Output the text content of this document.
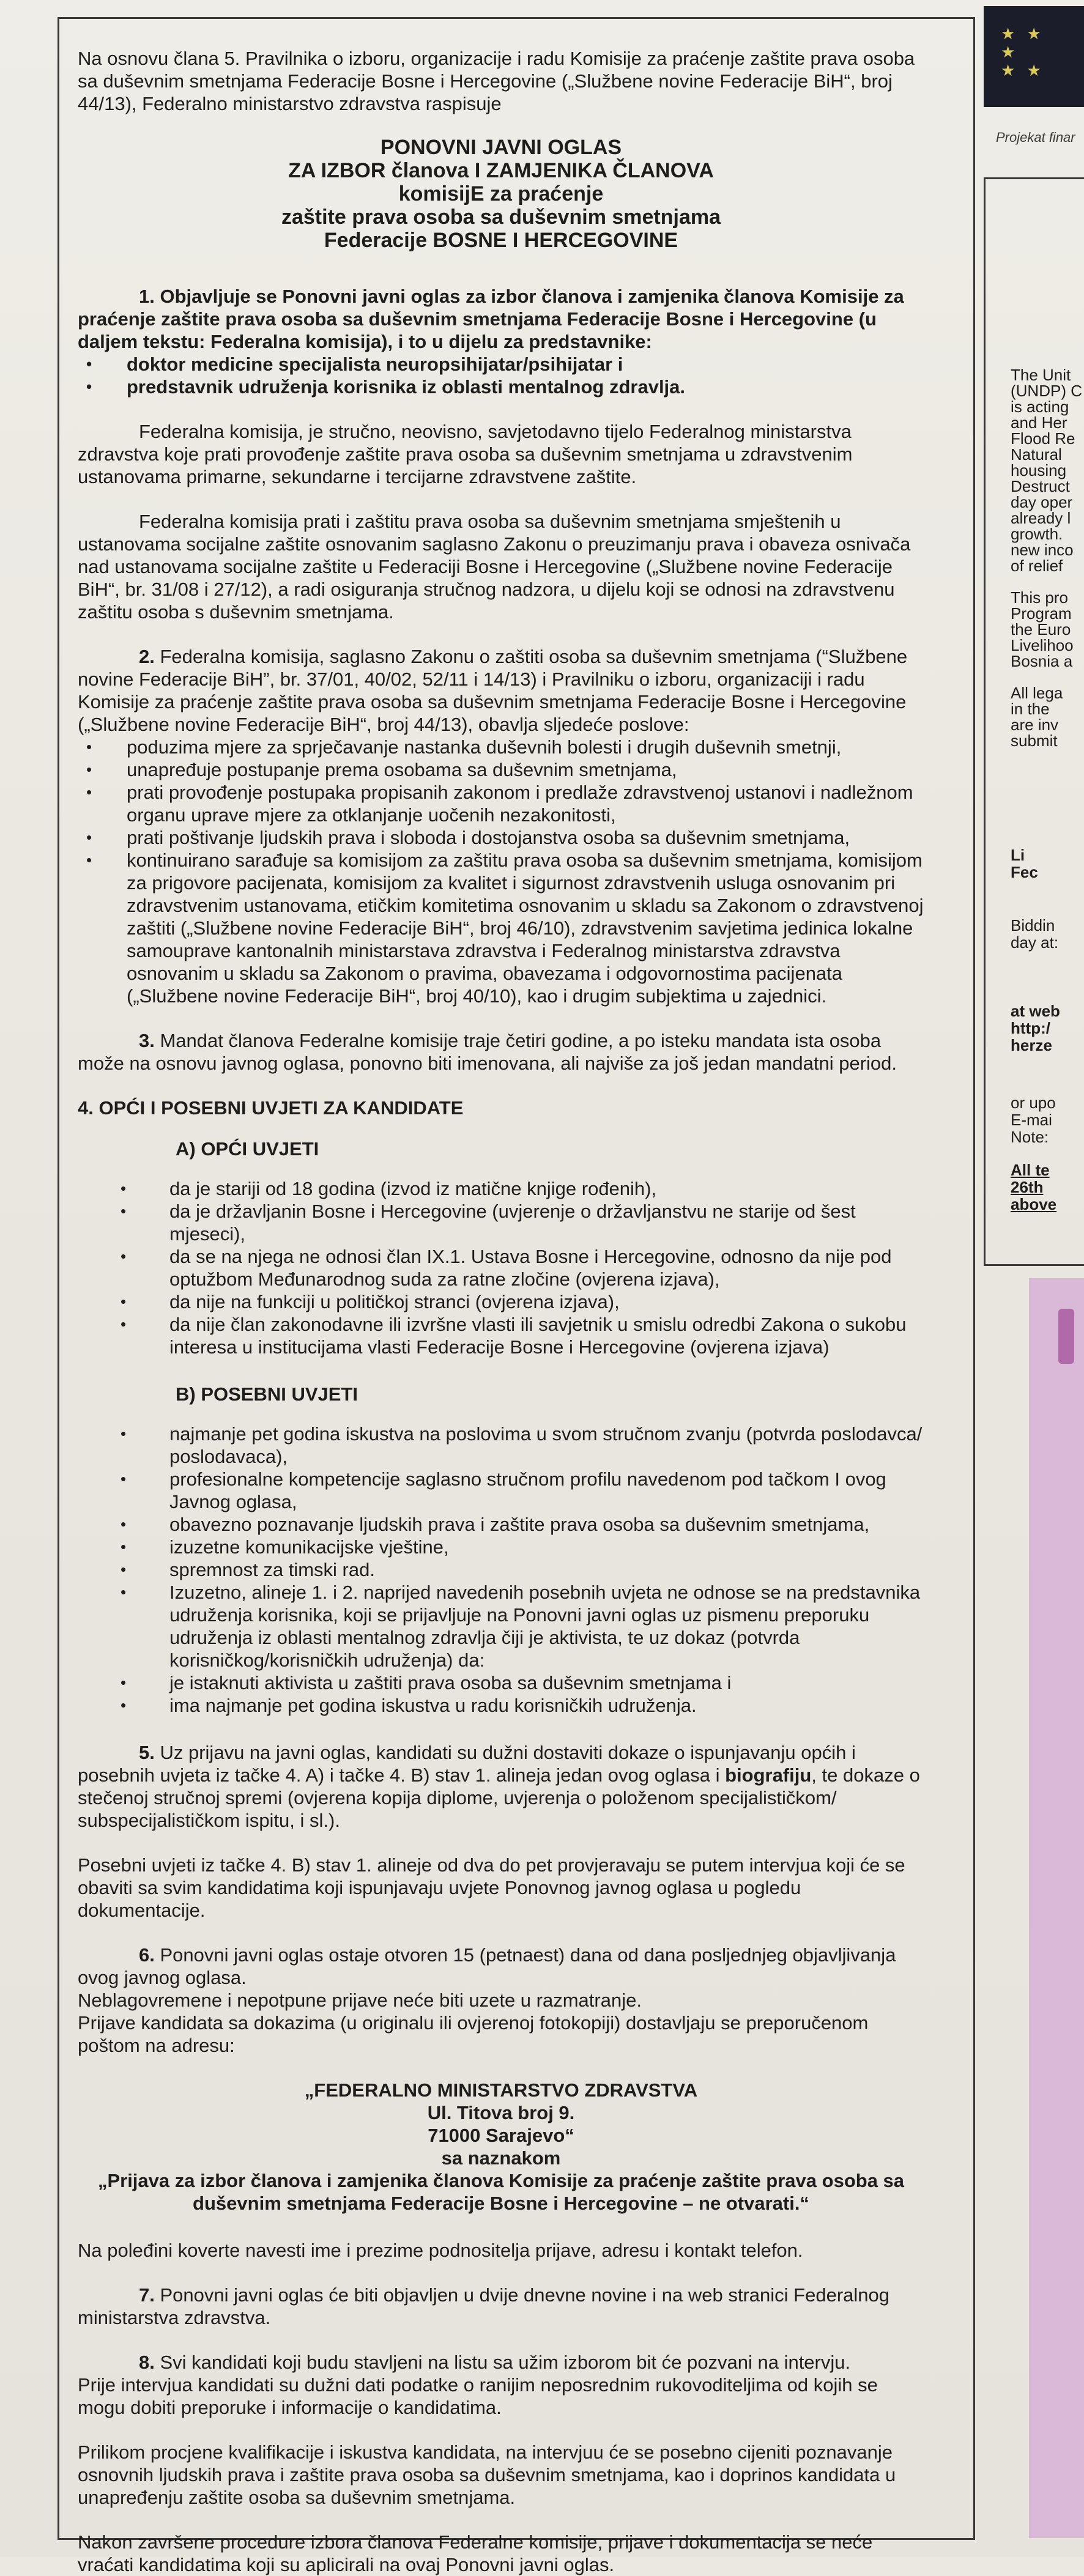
Na osnovu člana 5. Pravilnika o izboru, organizacije i radu Komisije za praćenje zaštite prava osoba sa duševnim smetnjama Federacije Bosne i Hercegovine („Službene novine Federacije BiH“, broj 44/13), Federalno ministarstvo zdravstva raspisuje

PONOVNI JAVNI OGLAS
ZA IZBOR članova I ZAMJENIKA ČLANOVA
komisijE za praćenje
zaštite prava osoba sa duševnim smetnjama
Federacije BOSNE I HERCEGOVINE

1. Objavljuje se Ponovni javni oglas za izbor članova i zamjenika članova Komisije za praćenje zaštite prava osoba sa duševnim smetnjama Federacije Bosne i Hercegovine (u daljem tekstu: Federalna komisija), i to u dijelu za predstavnike:

• doktor medicine specijalista neuropsihijatar/psihijatar i
• predstavnik udruženja korisnika iz oblasti mentalnog zdravlja.

Federalna komisija, je stručno, neovisno, savjetodavno tijelo Federalnog ministarstva zdravstva koje prati provođenje zaštite prava osoba sa duševnim smetnjama u zdravstvenim ustanovama primarne, sekundarne i tercijarne zdravstvene zaštite.

Federalna komisija prati i zaštitu prava osoba sa duševnim smetnjama smještenih u ustanovama socijalne zaštite osnovanim saglasno Zakonu o preuzimanju prava i obaveza osnivača nad ustanovama socijalne zaštite u Federaciji Bosne i Hercegovine („Službene novine Federacije BiH“, br. 31/08 i 27/12), a radi osiguranja stručnog nadzora, u dijelu koji se odnosi na zdravstvenu zaštitu osoba s duševnim smetnjama.

2. Federalna komisija, saglasno Zakonu o zaštiti osoba sa duševnim smetnjama (“Službene novine Federacije BiH”, br. 37/01, 40/02, 52/11 i 14/13) i Pravilniku o izboru, organizaciji i radu Komisije za praćenje zaštite prava osoba sa duševnim smetnjama Federacije Bosne i Hercegovine („Službene novine Federacije BiH“, broj 44/13), obavlja sljedeće poslove:

• poduzima mjere za sprječavanje nastanka duševnih bolesti i drugih duševnih smetnji,
• unapređuje postupanje prema osobama sa duševnim smetnjama,
• prati provođenje postupaka propisanih zakonom i predlaže zdravstvenoj ustanovi i nadležnom organu uprave mjere za otklanjanje uočenih nezakonitosti,
• prati poštivanje ljudskih prava i sloboda i dostojanstva osoba sa duševnim smetnjama,
• kontinuirano sarađuje sa komisijom za zaštitu prava osoba sa duševnim smetnjama, komisijom za prigovore pacijenata, komisijom za kvalitet i sigurnost zdravstvenih usluga osnovanim pri zdravstvenim ustanovama, etičkim komitetima osnovanim u skladu sa Zakonom o zdravstvenoj zaštiti („Službene novine Federacije BiH“, broj 46/10), zdravstvenim savjetima jedinica lokalne samouprave kantonalnih ministarstava zdravstva i Federalnog ministarstva zdravstva osnovanim u skladu sa Zakonom o pravima, obavezama i odgovornostima pacijenata („Službene novine Federacije BiH“, broj 40/10), kao i drugim subjektima u zajednici.

3. Mandat članova Federalne komisije traje četiri godine, a po isteku mandata ista osoba može na osnovu javnog oglasa, ponovno biti imenovana, ali najviše za još jedan mandatni period.

4. OPĆI I POSEBNI UVJETI ZA KANDIDATE

A) OPĆI UVJETI

• da je stariji od 18 godina (izvod iz matične knjige rođenih),
• da je državljanin Bosne i Hercegovine (uvjerenje o državljanstvu ne starije od šest mjeseci),
• da se na njega ne odnosi član IX.1. Ustava Bosne i Hercegovine, odnosno da nije pod optužbom Međunarodnog suda za ratne zločine (ovjerena izjava),
• da nije na funkciji u političkoj stranci (ovjerena izjava),
• da nije član zakonodavne ili izvršne vlasti ili savjetnik u smislu odredbi Zakona o sukobu interesa u institucijama vlasti Federacije Bosne i Hercegovine (ovjerena izjava)

B) POSEBNI UVJETI

• najmanje pet godina iskustva na poslovima u svom stručnom zvanju (potvrda poslodavca/ poslodavaca),
• profesionalne kompetencije saglasno stručnom profilu navedenom pod tačkom I ovog Javnog oglasa,
• obavezno poznavanje ljudskih prava i zaštite prava osoba sa duševnim smetnjama,
• izuzetne komunikacijske vještine,
• spremnost za timski rad.
• Izuzetno, alineje 1. i 2. naprijed navedenih posebnih uvjeta ne odnose se na predstavnika udruženja korisnika, koji se prijavljuje na Ponovni javni oglas uz pismenu preporuku udruženja iz oblasti mentalnog zdravlja čiji je aktivista, te uz dokaz (potvrda korisničkog/korisničkih udruženja) da:
• je istaknuti aktivista u zaštiti prava osoba sa duševnim smetnjama i
• ima najmanje pet godina iskustva u radu korisničkih udruženja.

5. Uz prijavu na javni oglas, kandidati su dužni dostaviti dokaze o ispunjavanju općih i posebnih uvjeta iz tačke 4. A) i tačke 4. B) stav 1. alineja jedan ovog oglasa i biografiju, te dokaze o stečenoj stručnoj spremi (ovjerena kopija diplome, uvjerenja o položenom specijalističkom/ subspecijalističkom ispitu, i sl.).

Posebni uvjeti iz tačke 4. B) stav 1. alineje od dva do pet provjeravaju se putem intervjua koji će se obaviti sa svim kandidatima koji ispunjavaju uvjete Ponovnog javnog oglasa u pogledu dokumentacije.

6. Ponovni javni oglas ostaje otvoren 15 (petnaest) dana od dana posljednjeg objavljivanja ovog javnog oglasa.

Neblagovremene i nepotpune prijave neće biti uzete u razmatranje.

Prijave kandidata sa dokazima (u originalu ili ovjerenoj fotokopiji) dostavljaju se preporučenom poštom na adresu:

„FEDERALNO MINISTARSTVO ZDRAVSTVA
Ul. Titova broj 9.
71000 Sarajevo“
sa naznakom
„Prijava za izbor članova i zamjenika članova Komisije za praćenje zaštite prava osoba sa duševnim smetnjama Federacije Bosne i Hercegovine – ne otvarati.“

Na poleđini koverte navesti ime i prezime podnositelja prijave, adresu i kontakt telefon.

7. Ponovni javni oglas će biti objavljen u dvije dnevne novine i na web stranici Federalnog ministarstva zdravstva.

8. Svi kandidati koji budu stavljeni na listu sa užim izborom bit će pozvani na intervju.

Prije intervjua kandidati su dužni dati podatke o ranijim neposrednim rukovoditeljima od kojih se mogu dobiti preporuke i informacije o kandidatima.

Prilikom procjene kvalifikacije i iskustva kandidata, na intervjuu će se posebno cijeniti poznavanje osnovnih ljudskih prava i zaštite prava osoba sa duševnim smetnjama, kao i doprinos kandidata u unapređenju zaštite osoba sa duševnim smetnjama.

Nakon završene procedure izbora članova Federalne komisije, prijave i dokumentacija se neće vraćati kandidatima koji su aplicirali na ovaj Ponovni javni oglas.

★ ★
★
★ ★
Projekat finar
The Unit
(UNDP) C
is acting
and Her
Flood Re
Natural
housing
Destruct
day oper
already l
growth.
new inco
of relief
This pro
Program
the Euro
Livelihoo
Bosnia a
All lega
in the
are inv
submit
Li
Fec
Biddin
day at:
at web
http:/
herze
or upo
E-mai
Note:
All te
26th
above
